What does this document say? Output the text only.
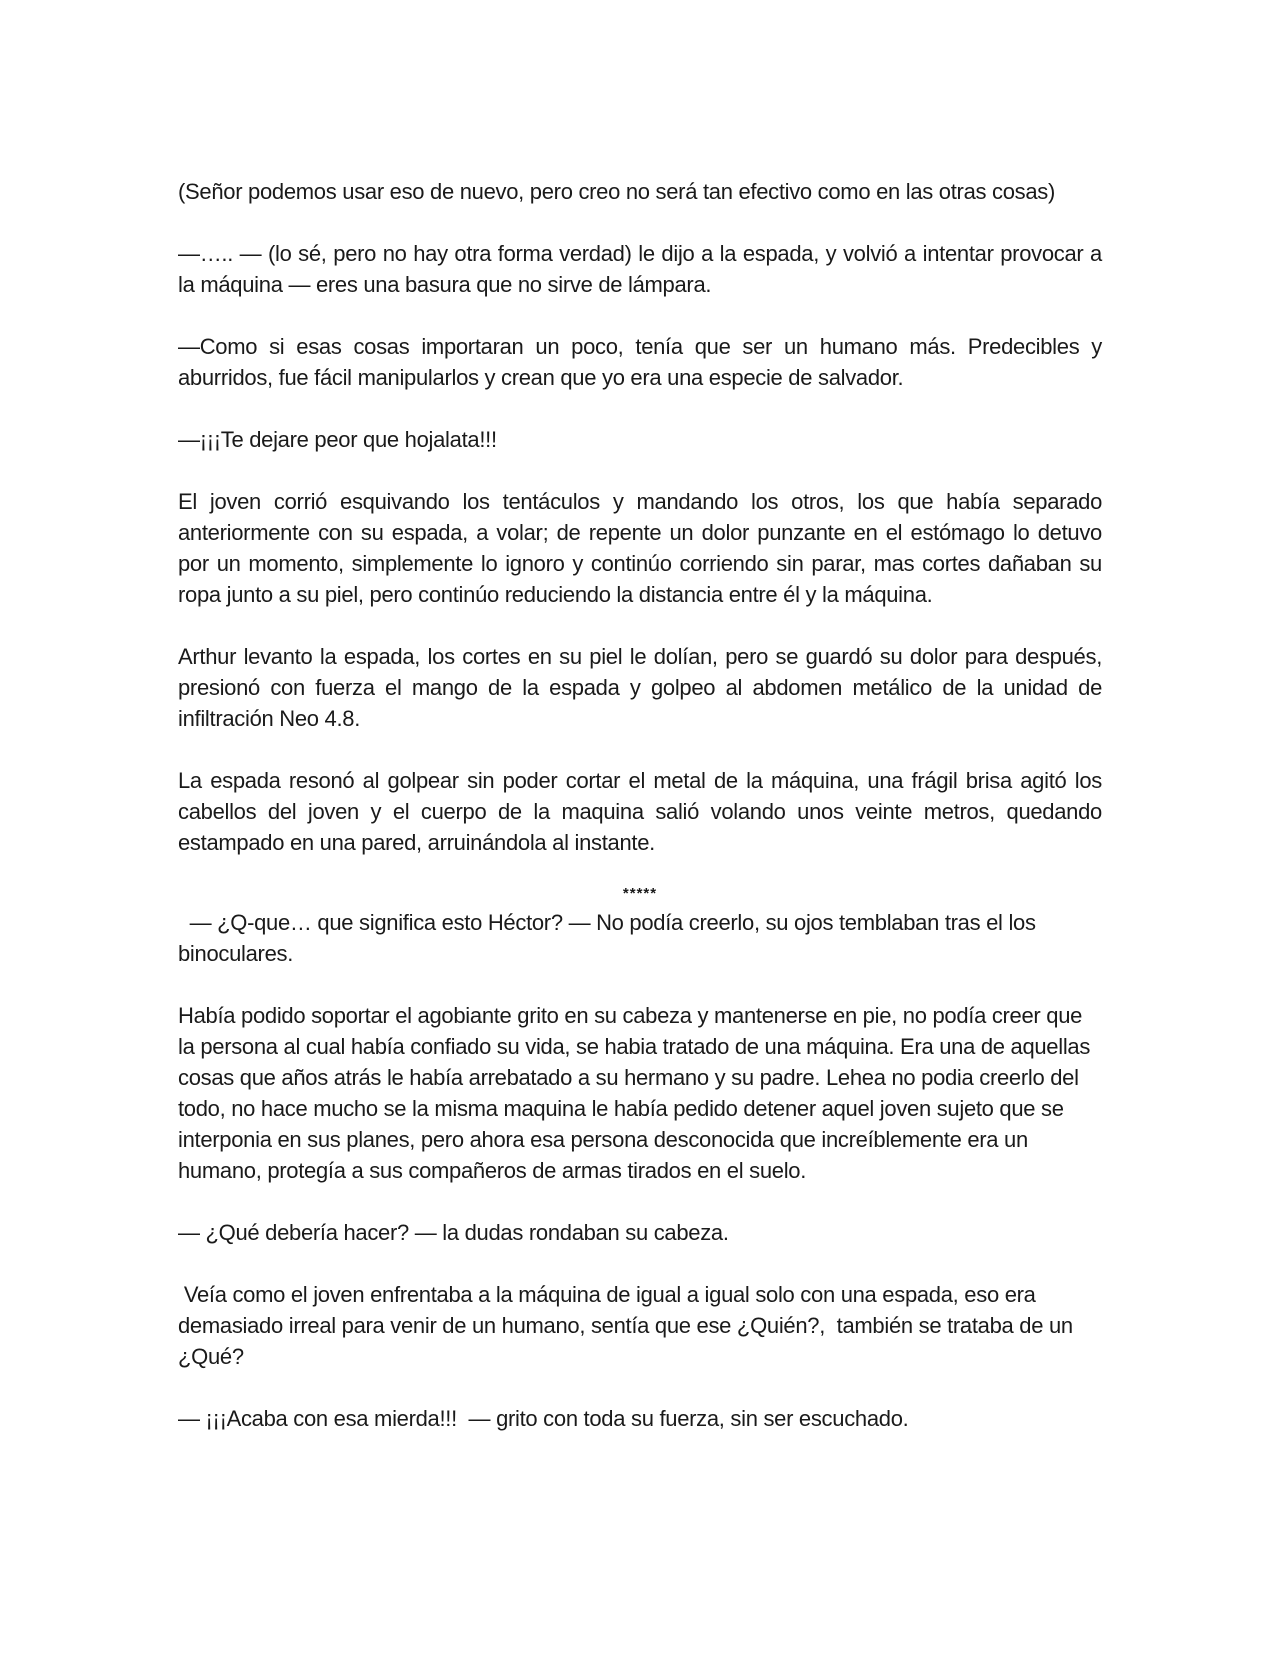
(Señor podemos usar eso de nuevo, pero creo no será tan efectivo como en las otras cosas)

—….. — (lo sé, pero no hay otra forma verdad) le dijo a la espada, y volvió a intentar provocar a la máquina — eres una basura que no sirve de lámpara.

—Como si esas cosas importaran un poco, tenía que ser un humano más. Predecibles y aburridos, fue fácil manipularlos y crean que yo era una especie de salvador.

—¡¡¡Te dejare peor que hojalata!!!

El joven corrió esquivando los tentáculos y mandando los otros, los que había separado anteriormente con su espada, a volar; de repente un dolor punzante en el estómago lo detuvo por un momento, simplemente lo ignoro y continúo corriendo sin parar, mas cortes dañaban su ropa junto a su piel, pero continúo reduciendo la distancia entre él y la máquina.

Arthur levanto la espada, los cortes en su piel le dolían, pero se guardó su dolor para después, presionó con fuerza el mango de la espada y golpeo al abdomen metálico de la unidad de infiltración Neo 4.8.

La espada resonó al golpear sin poder cortar el metal de la máquina, una frágil brisa agitó los cabellos del joven y el cuerpo de la maquina salió volando unos veinte metros, quedando estampado en una pared, arruinándola al instante.

*****

— ¿Q-que… que significa esto Héctor? — No podía creerlo, su ojos temblaban tras el los binoculares.

Había podido soportar el agobiante grito en su cabeza y mantenerse en pie, no podía creer que la persona al cual había confiado su vida, se habia tratado de una máquina. Era una de aquellas cosas que años atrás le había arrebatado a su hermano y su padre. Lehea no podia creerlo del todo, no hace mucho se la misma maquina le había pedido detener aquel joven sujeto que se interponia en sus planes, pero ahora esa persona desconocida que increíblemente era un humano, protegía a sus compañeros de armas tirados en el suelo.

— ¿Qué debería hacer? — la dudas rondaban su cabeza.

Veía como el joven enfrentaba a la máquina de igual a igual solo con una espada, eso era demasiado irreal para venir de un humano, sentía que ese ¿Quién?,  también se trataba de un ¿Qué?

— ¡¡¡Acaba con esa mierda!!!  — grito con toda su fuerza, sin ser escuchado.
